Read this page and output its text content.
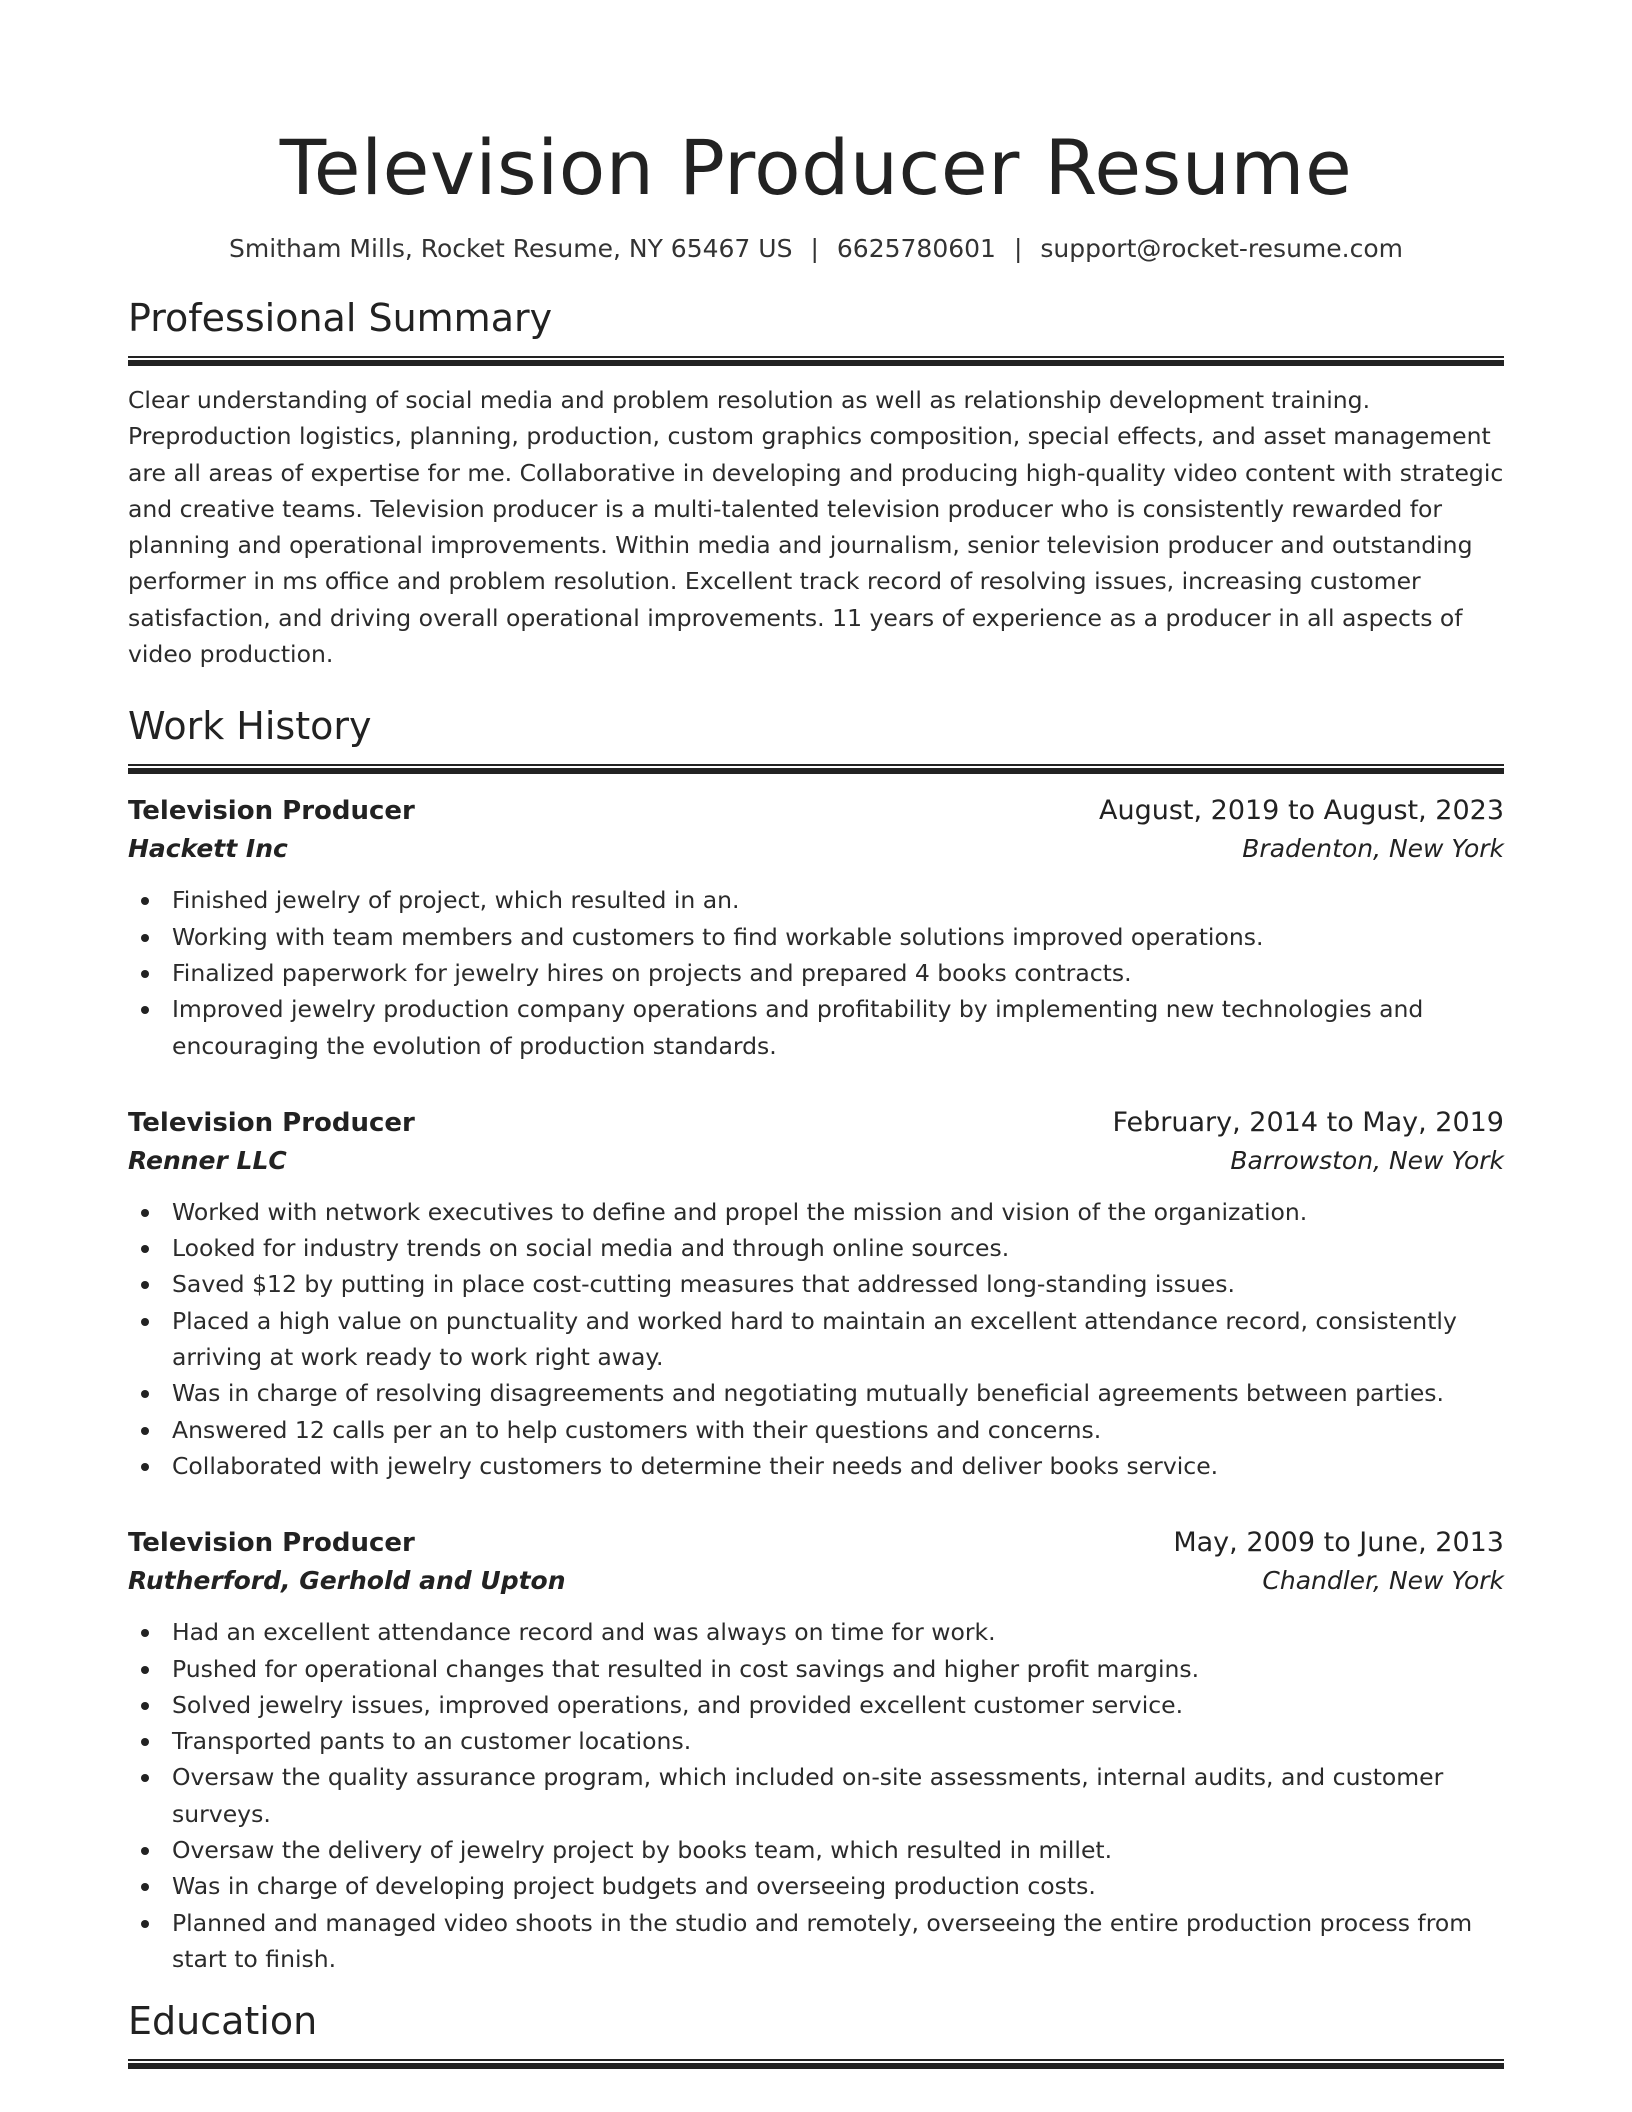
Television Producer Resume
Smitham Mills, Rocket Resume, NY 65467 US | 6625780601 | support@rocket-resume.com
Professional Summary

Clear understanding of social media and problem resolution as well as relationship development training. Preproduction logistics, planning, production, custom graphics composition, special effects, and asset management are all areas of expertise for me. Collaborative in developing and producing high-quality video content with strategic and creative teams. Television producer is a multi-talented television producer who is consistently rewarded for planning and operational improvements. Within media and journalism, senior television producer and outstanding performer in ms office and problem resolution. Excellent track record of resolving issues, increasing customer satisfaction, and driving overall operational improvements. 11 years of experience as a producer in all aspects of video production.

Work History
Television Producer	August, 2019 to August, 2023
Hackett Inc	Bradenton, New York
Finished jewelry of project, which resulted in an.
Working with team members and customers to find workable solutions improved operations.
Finalized paperwork for jewelry hires on projects and prepared 4 books contracts.
Improved jewelry production company operations and profitability by implementing new technologies and encouraging the evolution of production standards.
Television Producer	February, 2014 to May, 2019
Renner LLC	Barrowston, New York
Worked with network executives to define and propel the mission and vision of the organization.
Looked for industry trends on social media and through online sources.
Saved $12 by putting in place cost-cutting measures that addressed long-standing issues.
Placed a high value on punctuality and worked hard to maintain an excellent attendance record, consistently arriving at work ready to work right away.
Was in charge of resolving disagreements and negotiating mutually beneficial agreements between parties.
Answered 12 calls per an to help customers with their questions and concerns.
Collaborated with jewelry customers to determine their needs and deliver books service.
Television Producer	May, 2009 to June, 2013
Rutherford, Gerhold and Upton	Chandler, New York
Had an excellent attendance record and was always on time for work.
Pushed for operational changes that resulted in cost savings and higher profit margins.
Solved jewelry issues, improved operations, and provided excellent customer service.
Transported pants to an customer locations.
Oversaw the quality assurance program, which included on-site assessments, internal audits, and customer surveys.
Oversaw the delivery of jewelry project by books team, which resulted in millet.
Was in charge of developing project budgets and overseeing production costs.
Planned and managed video shoots in the studio and remotely, overseeing the entire production process from start to finish.
Education
